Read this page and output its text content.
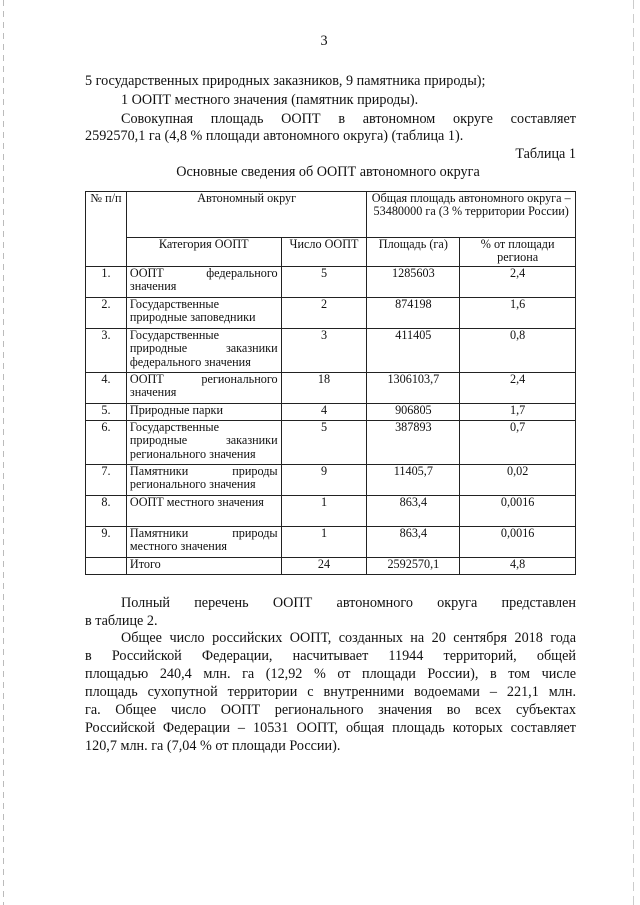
3
5 государственных природных заказников, 9 памятника природы);
1 ООПТ местного значения (памятник природы).
Совокупная площадь ООПТ в автономном округе составляет
2592570,1 га (4,8 % площади автономного округа) (таблица 1).
Таблица 1
Основные сведения об ООПТ автономного округа
№ п/п	Автономный округ		Общая площадь автономного округа – 53480000 га (3 % территории России)	
	Категория ООПТ	Число ООПТ	Площадь (га)	% от площади региона
1.	ООПТ федерального значения	5	1285603	2,4
2.	Государственные природные заповедники	2	874198	1,6
3.	Государственные природные заказники федерального значения	3	411405	0,8
4.	ООПТ регионального значения	18	1306103,7	2,4
5.	Природные парки	4	906805	1,7
6.	Государственные природные заказники регионального значения	5	387893	0,7
7.	Памятники природы регионального значения	9	11405,7	0,02
8.	ООПТ местного значения	1	863,4	0,0016
9.	Памятники природы местного значения	1	863,4	0,0016
	Итого	24	2592570,1	4,8
Полный перечень ООПТ автономного округа представлен
в таблице 2.
Общее число российских ООПТ, созданных на 20 сентября 2018 года
в Российской Федерации, насчитывает 11944 территорий, общей
площадью 240,4 млн. га (12,92 % от площади России), в том числе
площадь сухопутной территории с внутренними водоемами – 221,1 млн.
га. Общее число ООПТ регионального значения во всех субъектах
Российской Федерации – 10531 ООПТ, общая площадь которых составляет
120,7 млн. га (7,04 % от площади России).
